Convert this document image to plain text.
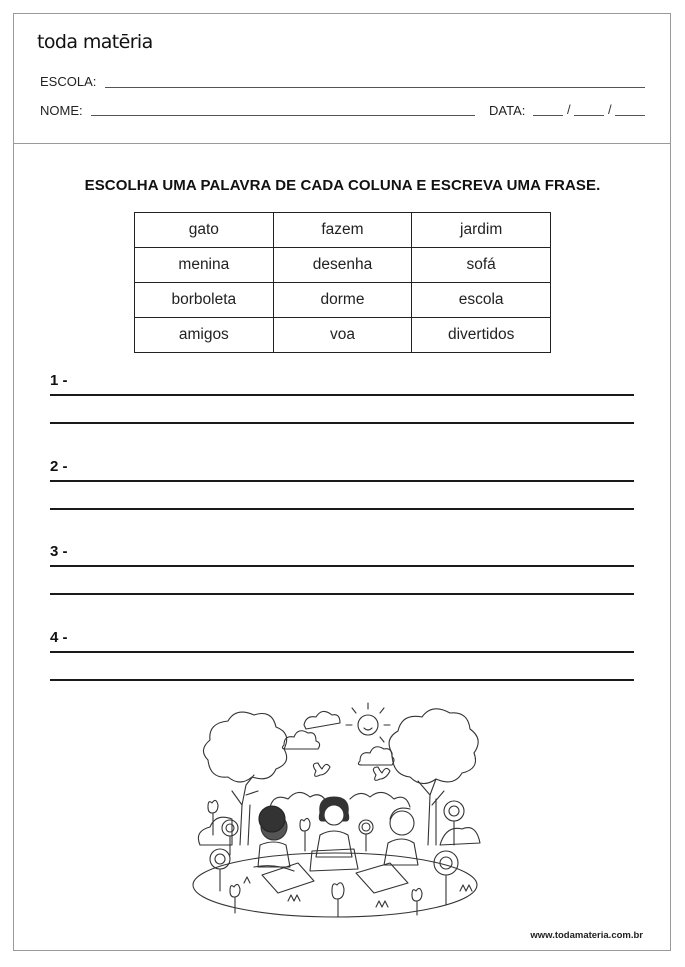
toda matēria
ESCOLA:
NOME:	DATA:	/	/
ESCOLHA UMA PALAVRA DE CADA COLUNA E ESCREVA UMA FRASE.
gato	fazem	jardim
menina	desenha	sofá
borboleta	dorme	escola
amigos	voa	divertidos
1 -
2 -
3 -
4 -
www.todamateria.com.br
